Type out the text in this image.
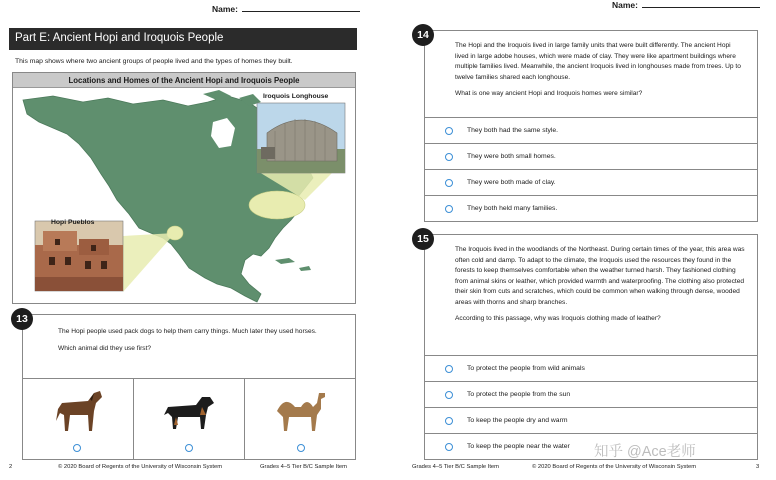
Name:
Part E: Ancient Hopi and Iroquois People
This map shows where two ancient groups of people lived and the types of homes they built.
Locations and Homes of the Ancient Hopi and Iroquois People
Iroquois Longhouse
Hopi Pueblos

The Hopi people used pack dogs to help them carry things. Much later they used horses.

Which animal did they use first?

13
2	© 2020 Board of Regents of the University of Wisconsin System	Grades 4–5 Tier B/C Sample Item
Name:

The Hopi and the Iroquois lived in large family units that were built differently. The ancient Hopi lived in large adobe houses, which were made of clay. They were like apartment buildings where multiple families lived. Meanwhile, the ancient Iroquois lived in longhouses made from trees. Up to twelve families shared each longhouse.

What is one way ancient Hopi and Iroquois homes were similar?

They both had the same style.
They were both small homes.
They were both made of clay.
They both held many families.
14

The Iroquois lived in the woodlands of the Northeast. During certain times of the year, this area was often cold and damp. To adapt to the climate, the Iroquois used the resources they found in the forests to keep themselves comfortable when the weather turned harsh. They fashioned clothing from animal skins or leather, which provided warmth and waterproofing. The clothing also protected their skin from cuts and scratches, which could be common when walking through dense, wooded areas with thorns and sharp branches.

According to this passage, why was Iroquois clothing made of leather?

To protect the people from wild animals
To protect the people from the sun
To keep the people dry and warm
To keep the people near the water
15
Grades 4–5 Tier B/C Sample Item	© 2020 Board of Regents of the University of Wisconsin System	3
知乎 @Ace老师
